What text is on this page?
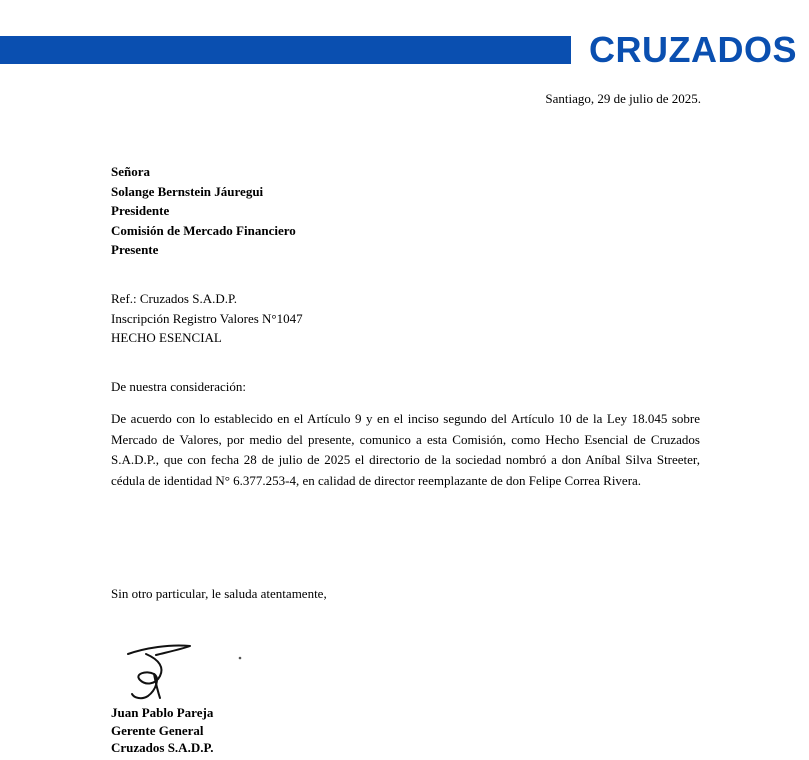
CRUZADOS
Santiago, 29 de julio de 2025.
Señora
Solange Bernstein Jáuregui
Presidente
Comisión de Mercado Financiero
Presente
Ref.: Cruzados S.A.D.P.
Inscripción Registro Valores N°1047
HECHO ESENCIAL
De nuestra consideración:

De acuerdo con lo establecido en el Artículo 9 y en el inciso segundo del Artículo 10 de la Ley 18.045 sobre Mercado de Valores, por medio del presente, comunico a esta Comisión, como Hecho Esencial de Cruzados S.A.D.P., que con fecha 28 de julio de 2025 el directorio de la sociedad nombró a don Aníbal Silva Streeter, cédula de identidad N° 6.377.253-4, en calidad de director reemplazante de don Felipe Correa Rivera.

Sin otro particular, le saluda atentamente,
Juan Pablo Pareja
Gerente General
Cruzados S.A.D.P.
